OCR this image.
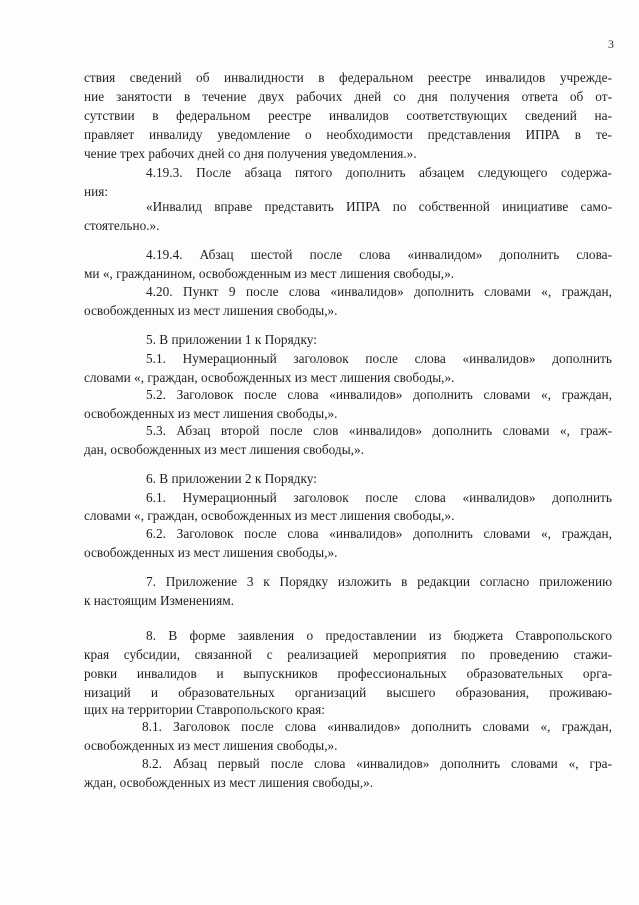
3
ствия сведений об инвалидности в федеральном реестре инвалидов учрежде-
ние занятости в течение двух рабочих дней со дня получения ответа об от-
сутствии в федеральном реестре инвалидов соответствующих сведений на-
правляет инвалиду уведомление о необходимости представления ИПРА в те-
чение трех рабочих дней со дня получения уведомления.».
4.19.3. После абзаца пятого дополнить абзацем следующего содержа-
ния:
«Инвалид вправе представить ИПРА по собственной инициативе само-
стоятельно.».
4.19.4. Абзац шестой после слова «инвалидом» дополнить слова-
ми «, гражданином, освобожденным из мест лишения свободы,».
4.20. Пункт 9 после слова «инвалидов» дополнить словами «, граждан,
освобожденных из мест лишения свободы,».
5. В приложении 1 к Порядку:
5.1. Нумерационный заголовок после слова «инвалидов» дополнить
словами «, граждан, освобожденных из мест лишения свободы,».
5.2. Заголовок после слова «инвалидов» дополнить словами «, граждан,
освобожденных из мест лишения свободы,».
5.3. Абзац второй после слов «инвалидов» дополнить словами «, граж-
дан, освобожденных из мест лишения свободы,».
6. В приложении 2 к Порядку:
6.1. Нумерационный заголовок после слова «инвалидов» дополнить
словами «, граждан, освобожденных из мест лишения свободы,».
6.2. Заголовок после слова «инвалидов» дополнить словами «, граждан,
освобожденных из мест лишения свободы,».
7. Приложение 3 к Порядку изложить в редакции согласно приложению
к настоящим Изменениям.
8. В форме заявления о предоставлении из бюджета Ставропольского
края субсидии, связанной с реализацией мероприятия по проведению стажи-
ровки инвалидов и выпускников профессиональных образовательных орга-
низаций и образовательных организаций высшего образования, проживаю-
щих на территории Ставропольского края:
8.1. Заголовок после слова «инвалидов» дополнить словами «, граждан,
освобожденных из мест лишения свободы,».
8.2. Абзац первый после слова «инвалидов» дополнить словами «, гра-
ждан, освобожденных из мест лишения свободы,».
